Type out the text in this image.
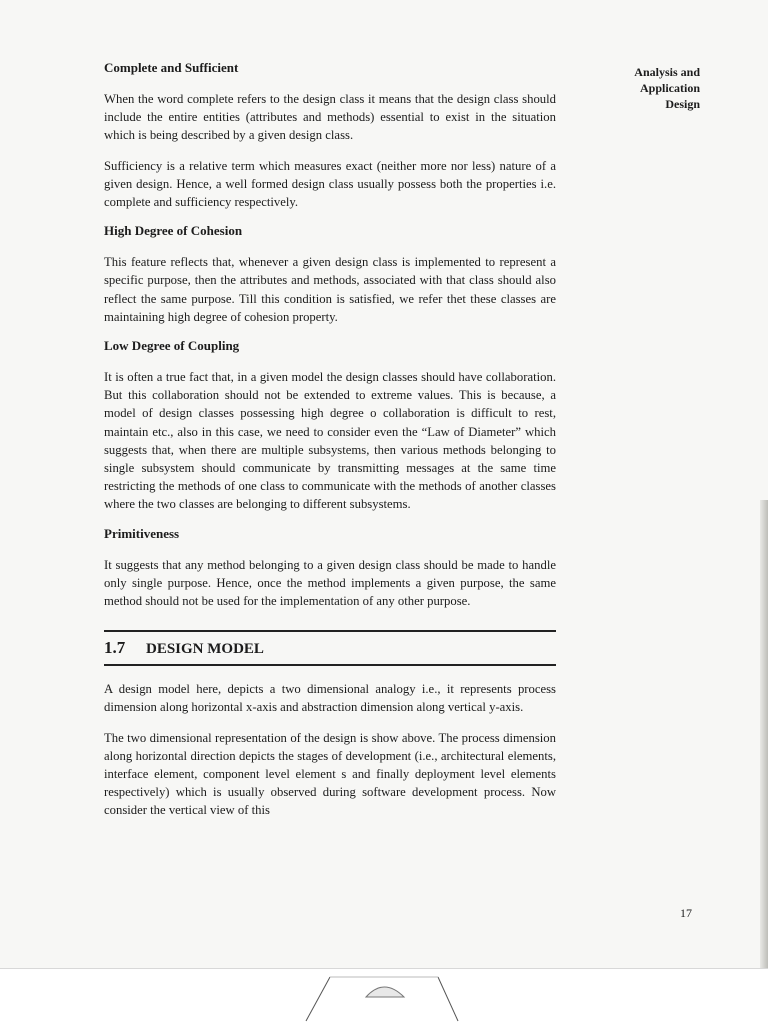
Analysis and
Application
Design
Complete and Sufficient

When the word complete refers to the design class it means that the design class should include the entire entities (attributes and methods) essential to exist in the situation which is being described by a given design class.

Sufficiency is a relative term which measures exact (neither more nor less) nature of a given design. Hence, a well formed design class usually possess both the properties i.e. complete and sufficiency respectively.

High Degree of Cohesion

This feature reflects that, whenever a given design class is implemented to represent a specific purpose, then the attributes and methods, associated with that class should also reflect the same purpose. Till this condition is satisfied, we refer thet these classes are maintaining high degree of cohesion property.

Low Degree of Coupling

It is often a true fact that, in a given model the design classes should have collaboration. But this collaboration should not be extended to extreme values. This is because, a model of design classes possessing high degree o collaboration is difficult to rest, maintain etc., also in this case, we need to consider even the “Law of Diameter” which suggests that, when there are multiple subsystems, then various methods belonging to single subsystem should communicate by transmitting messages at the same time restricting the methods of one class to communicate with the methods of another classes where the two classes are belonging to different subsystems.

Primitiveness

It suggests that any method belonging to a given design class should be made to handle only single purpose. Hence, once the method implements a given purpose, the same method should not be used for the implementation of any other purpose.

1.7 DESIGN MODEL

A design model here, depicts a two dimensional analogy i.e., it represents process dimension along horizontal x-axis and abstraction dimension along vertical y-axis.

The two dimensional representation of the design is show above. The process dimension along horizontal direction depicts the stages of development (i.e., architectural elements, interface element, component level element s and finally deployment level elements respectively) which is usually observed during software development process. Now consider the vertical view of this

17
